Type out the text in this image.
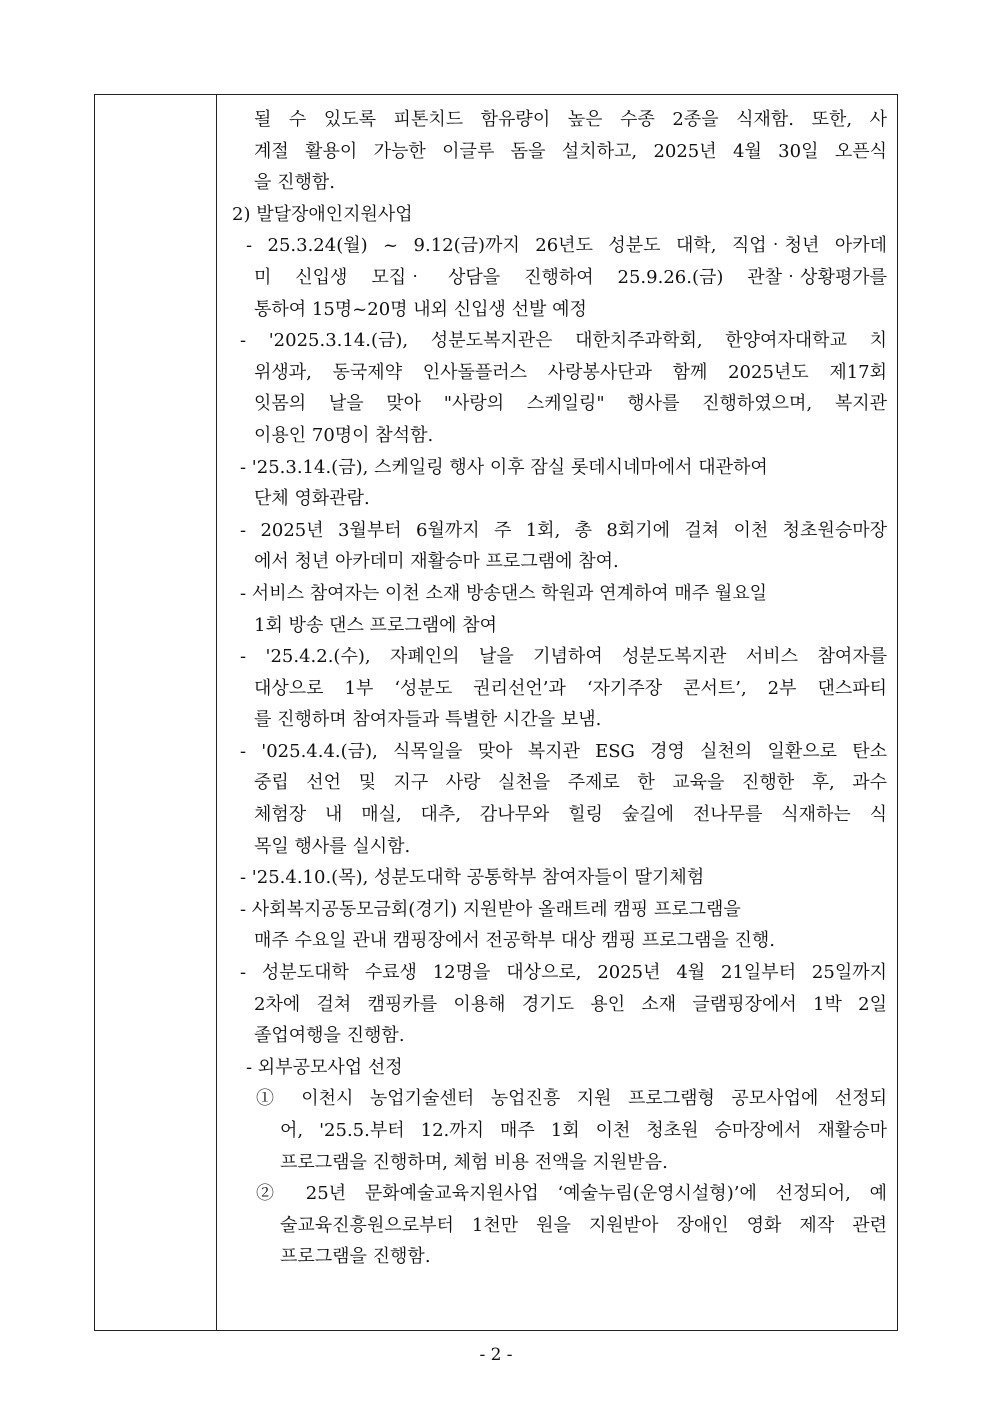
될 수 있도록 피톤치드 함유량이 높은 수종 2종을 식재함. 또한, 사
계절 활용이 가능한 이글루 돔을 설치하고, 2025년 4월 30일 오픈식
을 진행함.
2) 발달장애인지원사업
- 25.3.24(월) ~ 9.12(금)까지 26년도 성분도 대학, 직업‧청년 아카데
미 신입생 모집‧ 상담을 진행하여 25.9.26.(금) 관찰‧상황평가를
통하여 15명~20명 내외 신입생 선발 예정
- '2025.3.14.(금), 성분도복지관은 대한치주과학회, 한양여자대학교 치
위생과, 동국제약 인사돌플러스 사랑봉사단과 함께 2025년도 제17회
잇몸의 날을 맞아 "사랑의 스케일링" 행사를 진행하였으며, 복지관
이용인 70명이 참석함.
- '25.3.14.(금), 스케일링 행사 이후 잠실 롯데시네마에서 대관하여
단체 영화관람.
- 2025년 3월부터 6월까지 주 1회, 총 8회기에 걸쳐 이천 청초원승마장
에서 청년 아카데미 재활승마 프로그램에 참여.
- 서비스 참여자는 이천 소재 방송댄스 학원과 연계하여 매주 월요일
1회 방송 댄스 프로그램에 참여
- '25.4.2.(수), 자폐인의 날을 기념하여 성분도복지관 서비스 참여자를
대상으로 1부 ‘성분도 권리선언’과 ‘자기주장 콘서트’, 2부 댄스파티
를 진행하며 참여자들과 특별한 시간을 보냄.
- '025.4.4.(금), 식목일을 맞아 복지관 ESG 경영 실천의 일환으로 탄소
중립 선언 및 지구 사랑 실천을 주제로 한 교육을 진행한 후, 과수
체험장 내 매실, 대추, 감나무와 힐링 숲길에 전나무를 식재하는 식
목일 행사를 실시함.
- '25.4.10.(목), 성분도대학 공통학부 참여자들이 딸기체험
- 사회복지공동모금회(경기) 지원받아 올래트레 캠핑 프로그램을
매주 수요일 관내 캠핑장에서 전공학부 대상 캠핑 프로그램을 진행.
- 성분도대학 수료생 12명을 대상으로, 2025년 4월 21일부터 25일까지
2차에 걸쳐 캠핑카를 이용해 경기도 용인 소재 글램핑장에서 1박 2일
졸업여행을 진행함.
- 외부공모사업 선정
① 이천시 농업기술센터 농업진흥 지원 프로그램형 공모사업에 선정되
어, '25.5.부터 12.까지 매주 1회 이천 청초원 승마장에서 재활승마
프로그램을 진행하며, 체험 비용 전액을 지원받음.
② 25년 문화예술교육지원사업 ‘예술누림(운영시설형)’에 선정되어, 예
술교육진흥원으로부터 1천만 원을 지원받아 장애인 영화 제작 관련
프로그램을 진행함.
- 2 -
